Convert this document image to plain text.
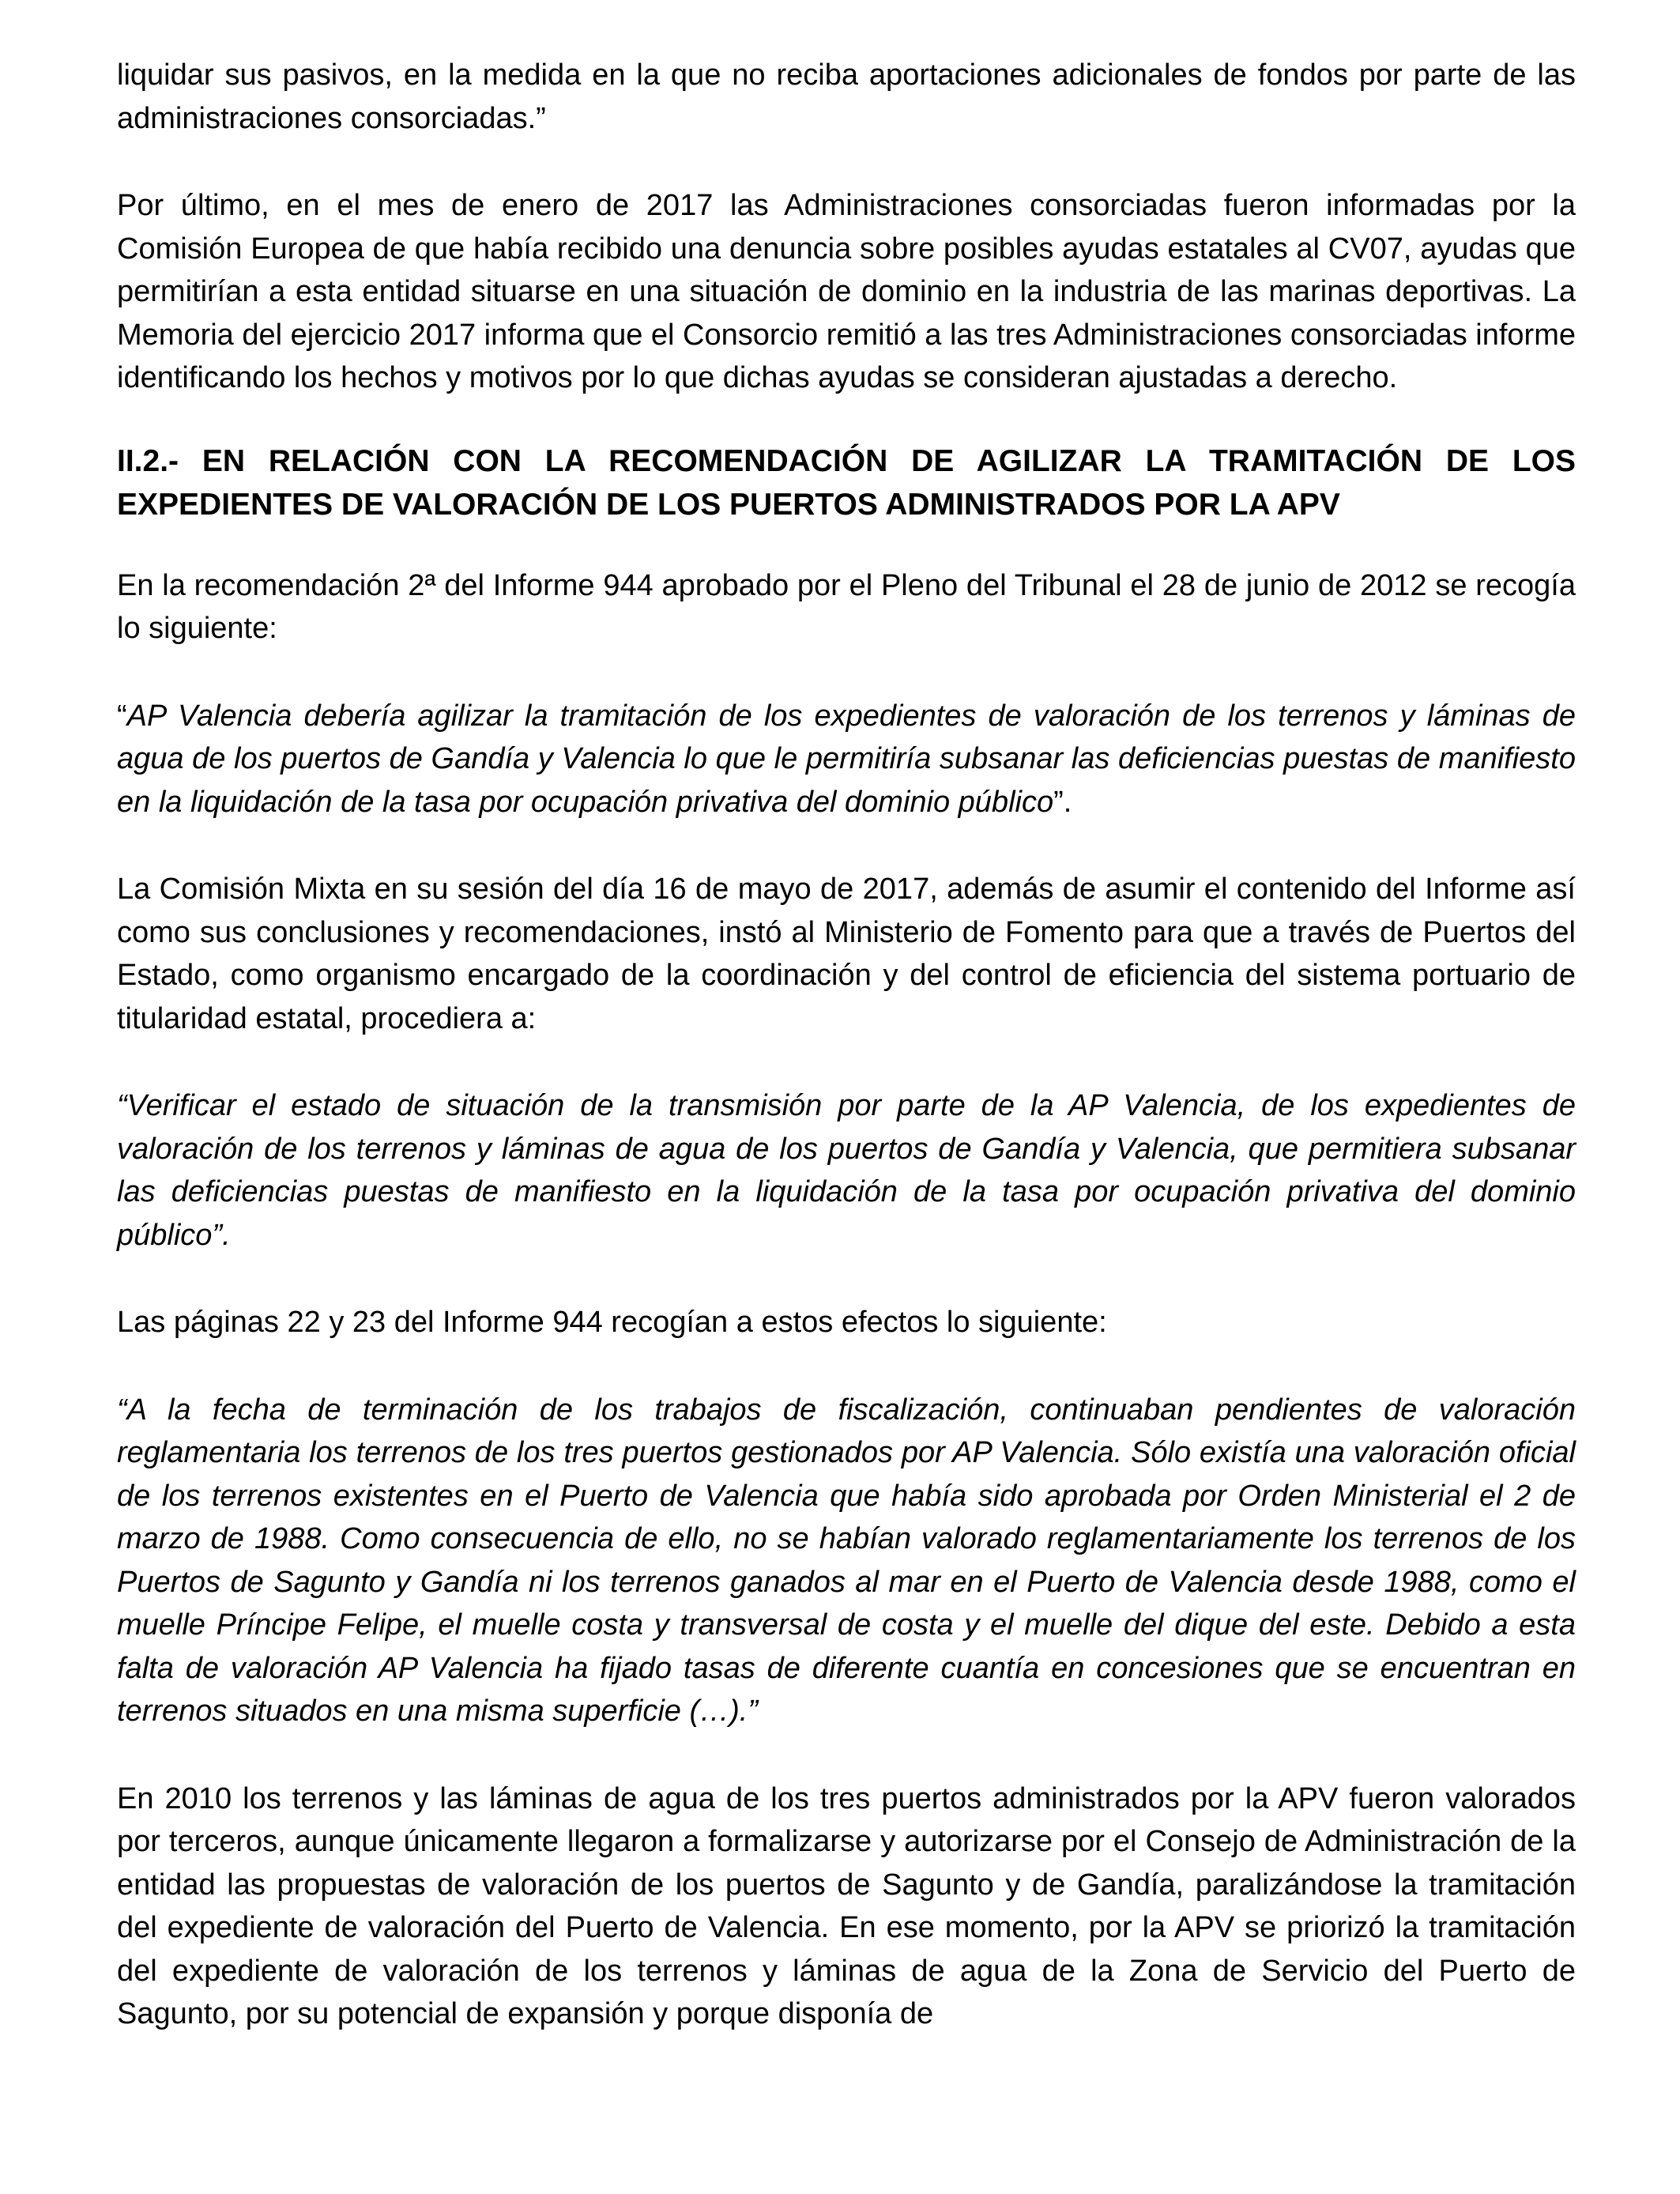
liquidar sus pasivos, en la medida en la que no reciba aportaciones adicionales de fondos por parte de las administraciones consorciadas.”

Por último, en el mes de enero de 2017 las Administraciones consorciadas fueron informadas por la Comisión Europea de que había recibido una denuncia sobre posibles ayudas estatales al CV07, ayudas que permitirían a esta entidad situarse en una situación de dominio en la industria de las marinas deportivas. La Memoria del ejercicio 2017 informa que el Consorcio remitió a las tres Administraciones consorciadas informe identificando los hechos y motivos por lo que dichas ayudas se consideran ajustadas a derecho.

II.2.- EN RELACIÓN CON LA RECOMENDACIÓN DE AGILIZAR LA TRAMITACIÓN DE LOS EXPEDIENTES DE VALORACIÓN DE LOS PUERTOS ADMINISTRADOS POR LA APV

En la recomendación 2ª del Informe 944 aprobado por el Pleno del Tribunal el 28 de junio de 2012 se recogía lo siguiente:

“AP Valencia debería agilizar la tramitación de los expedientes de valoración de los terrenos y láminas de agua de los puertos de Gandía y Valencia lo que le permitiría subsanar las deficiencias puestas de manifiesto en la liquidación de la tasa por ocupación privativa del dominio público”.

La Comisión Mixta en su sesión del día 16 de mayo de 2017, además de asumir el contenido del Informe así como sus conclusiones y recomendaciones, instó al Ministerio de Fomento para que a través de Puertos del Estado, como organismo encargado de la coordinación y del control de eficiencia del sistema portuario de titularidad estatal, procediera a:

“Verificar el estado de situación de la transmisión por parte de la AP Valencia, de los expedientes de valoración de los terrenos y láminas de agua de los puertos de Gandía y Valencia, que permitiera subsanar las deficiencias puestas de manifiesto en la liquidación de la tasa por ocupación privativa del dominio público”.

Las páginas 22 y 23 del Informe 944 recogían a estos efectos lo siguiente:

“A la fecha de terminación de los trabajos de fiscalización, continuaban pendientes de valoración reglamentaria los terrenos de los tres puertos gestionados por AP Valencia. Sólo existía una valoración oficial de los terrenos existentes en el Puerto de Valencia que había sido aprobada por Orden Ministerial el 2 de marzo de 1988. Como consecuencia de ello, no se habían valorado reglamentariamente los terrenos de los Puertos de Sagunto y Gandía ni los terrenos ganados al mar en el Puerto de Valencia desde 1988, como el muelle Príncipe Felipe, el muelle costa y transversal de costa y el muelle del dique del este. Debido a esta falta de valoración AP Valencia ha fijado tasas de diferente cuantía en concesiones que se encuentran en terrenos situados en una misma superficie (…).”

En 2010 los terrenos y las láminas de agua de los tres puertos administrados por la APV fueron valorados por terceros, aunque únicamente llegaron a formalizarse y autorizarse por el Consejo de Administración de la entidad las propuestas de valoración de los puertos de Sagunto y de Gandía, paralizándose la tramitación del expediente de valoración del Puerto de Valencia. En ese momento, por la APV se priorizó la tramitación del expediente de valoración de los terrenos y láminas de agua de la Zona de Servicio del Puerto de Sagunto, por su potencial de expansión y porque disponía de
